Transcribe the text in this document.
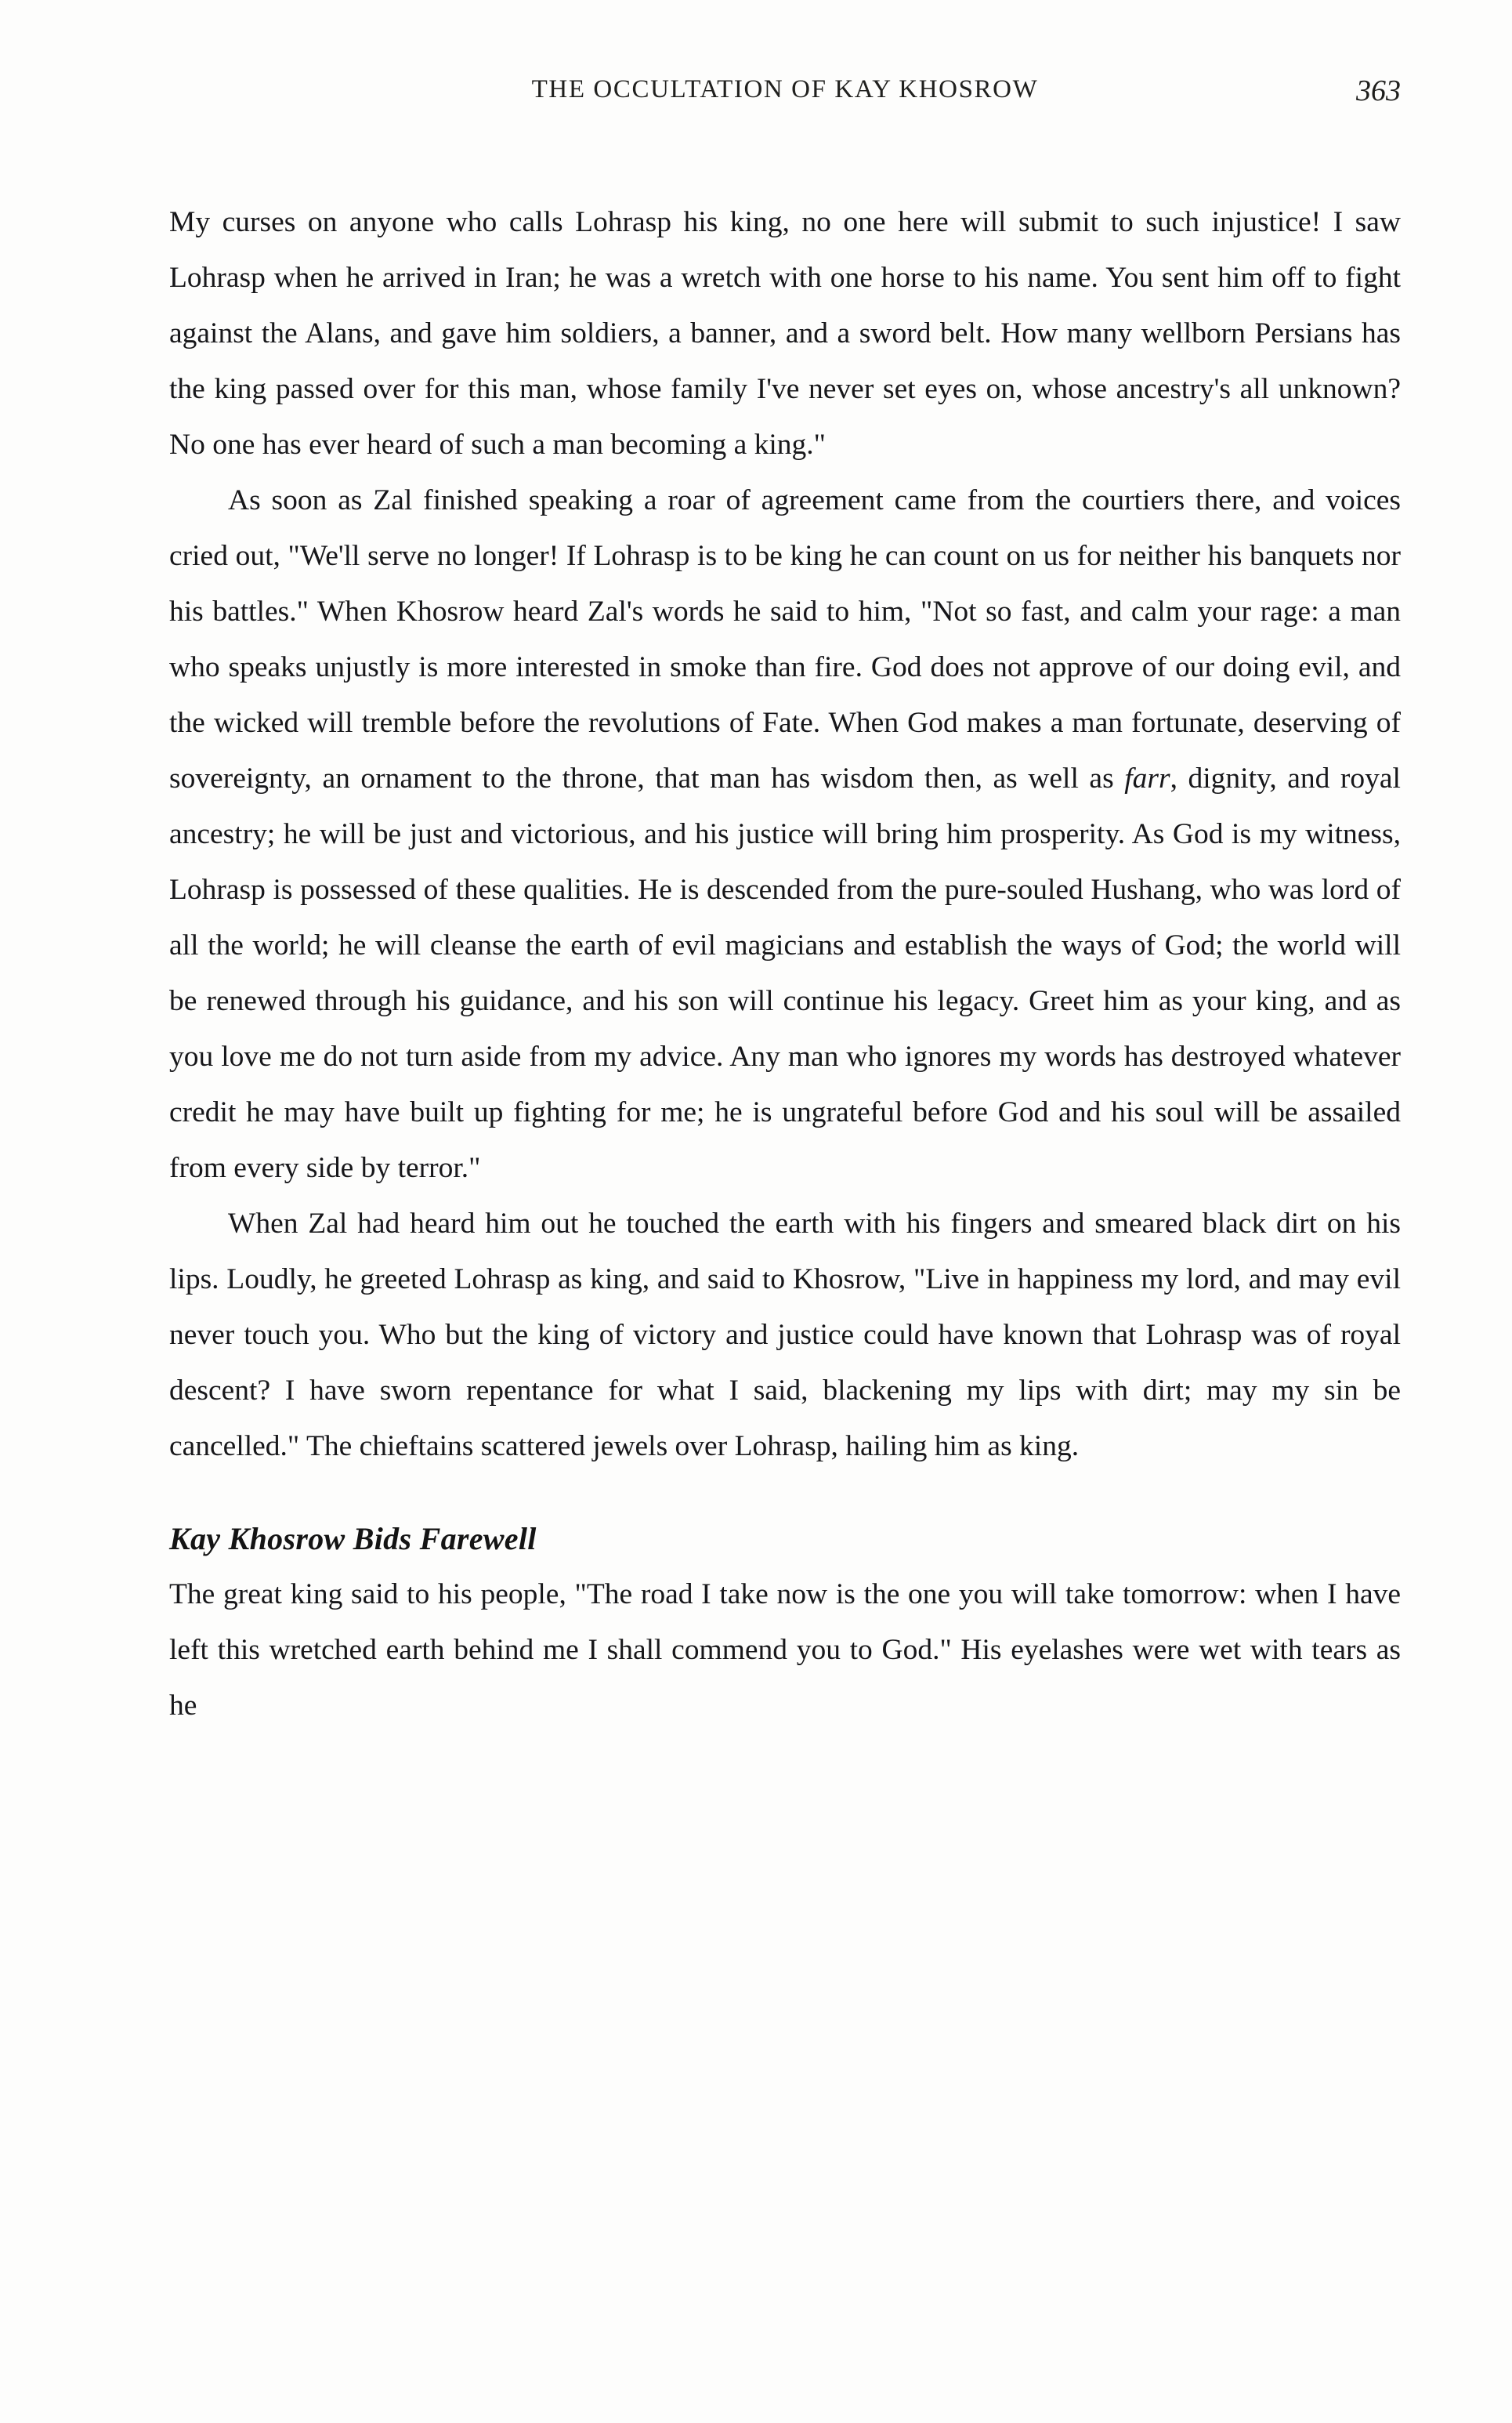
THE OCCULTATION OF KAY KHOSROW	363

My curses on anyone who calls Lohrasp his king, no one here will submit to such injustice! I saw Lohrasp when he arrived in Iran; he was a wretch with one horse to his name. You sent him off to fight against the Alans, and gave him soldiers, a banner, and a sword belt. How many wellborn Persians has the king passed over for this man, whose family I've never set eyes on, whose ancestry's all unknown? No one has ever heard of such a man becoming a king."

As soon as Zal finished speaking a roar of agreement came from the courtiers there, and voices cried out, "We'll serve no longer! If Lohrasp is to be king he can count on us for neither his banquets nor his battles." When Khosrow heard Zal's words he said to him, "Not so fast, and calm your rage: a man who speaks unjustly is more interested in smoke than fire. God does not approve of our doing evil, and the wicked will tremble before the revolutions of Fate. When God makes a man fortunate, deserving of sovereignty, an ornament to the throne, that man has wisdom then, as well as farr, dignity, and royal ancestry; he will be just and victorious, and his justice will bring him prosperity. As God is my witness, Lohrasp is possessed of these qualities. He is descended from the pure-souled Hushang, who was lord of all the world; he will cleanse the earth of evil magicians and establish the ways of God; the world will be renewed through his guidance, and his son will continue his legacy. Greet him as your king, and as you love me do not turn aside from my advice. Any man who ignores my words has destroyed whatever credit he may have built up fighting for me; he is ungrateful before God and his soul will be assailed from every side by terror."

When Zal had heard him out he touched the earth with his fingers and smeared black dirt on his lips. Loudly, he greeted Lohrasp as king, and said to Khosrow, "Live in happiness my lord, and may evil never touch you. Who but the king of victory and justice could have known that Lohrasp was of royal descent? I have sworn repentance for what I said, blackening my lips with dirt; may my sin be cancelled." The chieftains scattered jewels over Lohrasp, hailing him as king.

Kay Khosrow Bids Farewell

The great king said to his people, "The road I take now is the one you will take tomorrow: when I have left this wretched earth behind me I shall commend you to God." His eyelashes were wet with tears as he
